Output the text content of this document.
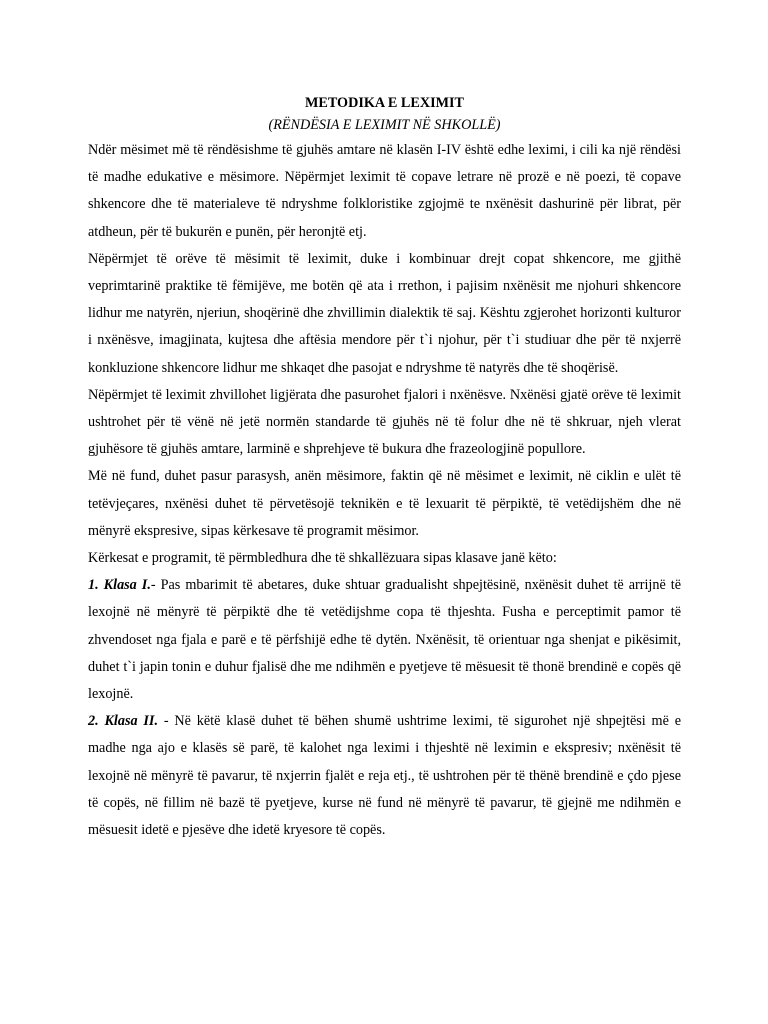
METODIKA E LEXIMIT

(RËNDËSIA E LEXIMIT NË SHKOLLË)

Ndër mësimet më të rëndësishme të gjuhës amtare në klasën I-IV është edhe leximi, i cili ka një rëndësi të madhe edukative e mësimore. Nëpërmjet leximit të copave letrare në prozë e në poezi, të copave shkencore dhe të materialeve të ndryshme folkloristike zgjojmë te nxënësit dashurinë për librat, për atdheun, për të bukurën e punën, për heronjtë etj.

Nëpërmjet të orëve të mësimit të leximit, duke i kombinuar drejt copat shkencore, me gjithë veprimtarinë praktike të fëmijëve, me botën që ata i rrethon, i pajisim nxënësit me njohuri shkencore lidhur me natyrën, njeriun, shoqërinë dhe zhvillimin dialektik të saj. Kështu zgjerohet horizonti kulturor i nxënësve, imagjinata, kujtesa dhe aftësia mendore për t`i njohur, për t`i studiuar dhe për të nxjerrë konkluzione shkencore lidhur me shkaqet dhe pasojat e ndryshme të natyrës dhe të shoqërisë.

Nëpërmjet të leximit zhvillohet ligjërata dhe pasurohet fjalori i nxënësve. Nxënësi gjatë orëve të leximit ushtrohet për të vënë në jetë normën standarde të gjuhës në të folur dhe në të shkruar, njeh vlerat gjuhësore të gjuhës amtare, larminë e shprehjeve të bukura dhe frazeologjinë popullore.

Më në fund, duhet pasur parasysh, anën mësimore, faktin që në mësimet e leximit, në ciklin e ulët të tetëvjeçares, nxënësi duhet të përvetësojë teknikën e të lexuarit të përpiktë, të vetëdijshëm dhe në mënyrë ekspresive, sipas kërkesave të programit mësimor.

Kërkesat e programit, të përmbledhura dhe të shkallëzuara sipas klasave janë këto:

1. Klasa I.- Pas mbarimit të abetares, duke shtuar gradualisht shpejtësinë, nxënësit duhet të arrijnë të lexojnë në mënyrë të përpiktë dhe të vetëdijshme copa të thjeshta. Fusha e perceptimit pamor të zhvendoset nga fjala e parë e të përfshijë edhe të dytën. Nxënësit, të orientuar nga shenjat e pikësimit, duhet t`i japin tonin e duhur fjalisë dhe me ndihmën e pyetjeve të mësuesit të thonë brendinë e copës që lexojnë.

2. Klasa II. - Në këtë klasë duhet të bëhen shumë ushtrime leximi, të sigurohet një shpejtësi më e madhe nga ajo e klasës së parë, të kalohet nga leximi i thjeshtë në leximin e ekspresiv; nxënësit të lexojnë në mënyrë të pavarur, të nxjerrin fjalët e reja etj., të ushtrohen për të thënë brendinë e çdo pjese të copës, në fillim në bazë të pyetjeve, kurse në fund në mënyrë të pavarur, të gjejnë me ndihmën e mësuesit idetë e pjesëve dhe idetë kryesore të copës.
